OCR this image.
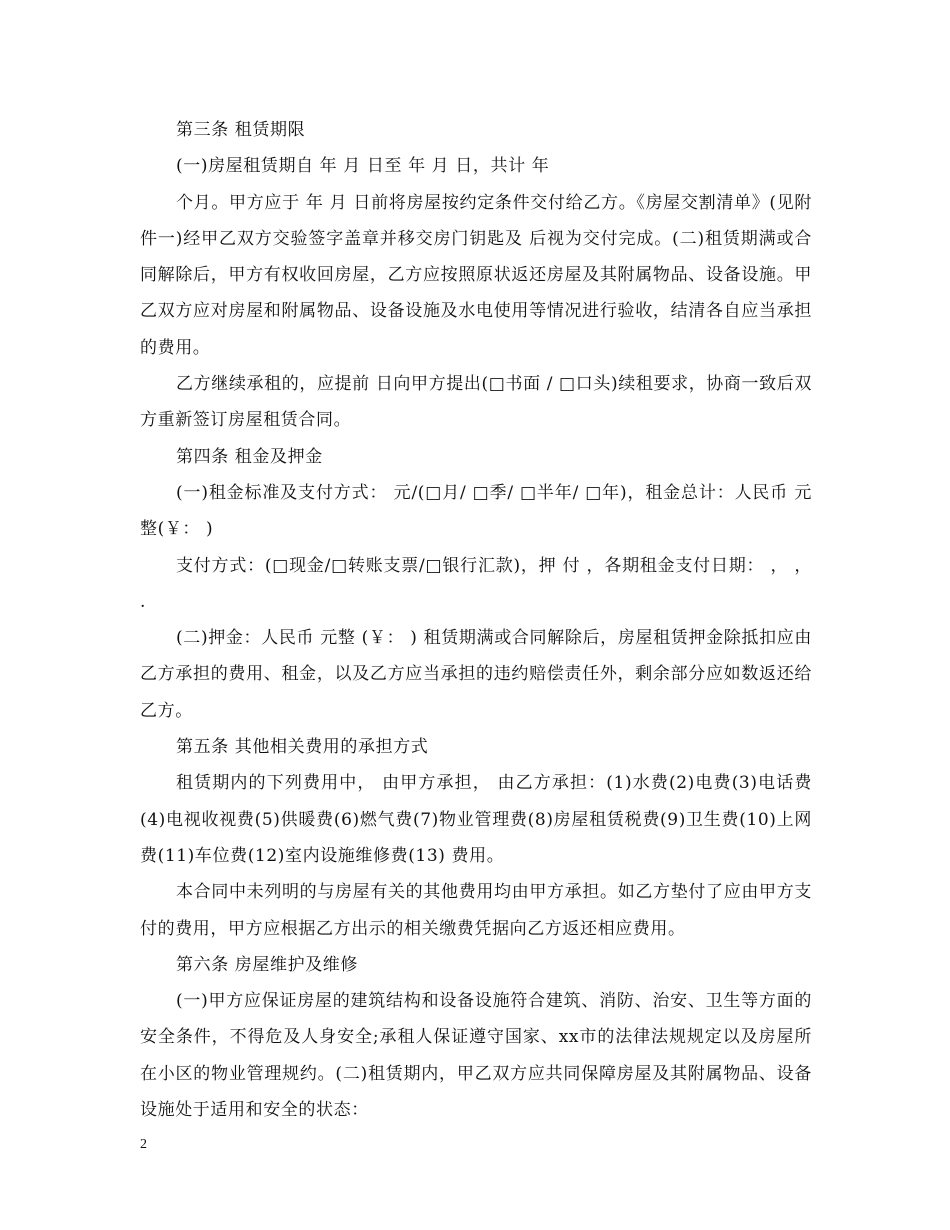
第三条 租赁期限

(一)房屋租赁期自 年 月 日至 年 月 日，共计 年

个月。甲方应于 年 月 日前将房屋按约定条件交付给乙方。《房屋交割清单》(见附件一)经甲乙双方交验签字盖章并移交房门钥匙及 后视为交付完成。(二)租赁期满或合同解除后，甲方有权收回房屋，乙方应按照原状返还房屋及其附属物品、设备设施。甲乙双方应对房屋和附属物品、设备设施及水电使用等情况进行验收，结清各自应当承担的费用。

乙方继续承租的，应提前 日向甲方提出(□书面 / □口头)续租要求，协商一致后双方重新签订房屋租赁合同。

第四条 租金及押金

(一)租金标准及支付方式： 元/(□月/ □季/ □半年/ □年)，租金总计：人民币 元整(￥： )

支付方式：(□现金/□转账支票/□银行汇款)，押 付 ，各期租金支付日期： ， ， .

(二)押金：人民币 元整 (￥： ) 租赁期满或合同解除后，房屋租赁押金除抵扣应由乙方承担的费用、租金，以及乙方应当承担的违约赔偿责任外，剩余部分应如数返还给乙方。

第五条 其他相关费用的承担方式

租赁期内的下列费用中， 由甲方承担， 由乙方承担：(1)水费(2)电费(3)电话费(4)电视收视费(5)供暖费(6)燃气费(7)物业管理费(8)房屋租赁税费(9)卫生费(10)上网费(11)车位费(12)室内设施维修费(13) 费用。

本合同中未列明的与房屋有关的其他费用均由甲方承担。如乙方垫付了应由甲方支付的费用，甲方应根据乙方出示的相关缴费凭据向乙方返还相应费用。

第六条 房屋维护及维修

(一)甲方应保证房屋的建筑结构和设备设施符合建筑、消防、治安、卫生等方面的安全条件，不得危及人身安全;承租人保证遵守国家、xx市的法律法规规定以及房屋所在小区的物业管理规约。(二)租赁期内，甲乙双方应共同保障房屋及其附属物品、设备设施处于适用和安全的状态：

2
